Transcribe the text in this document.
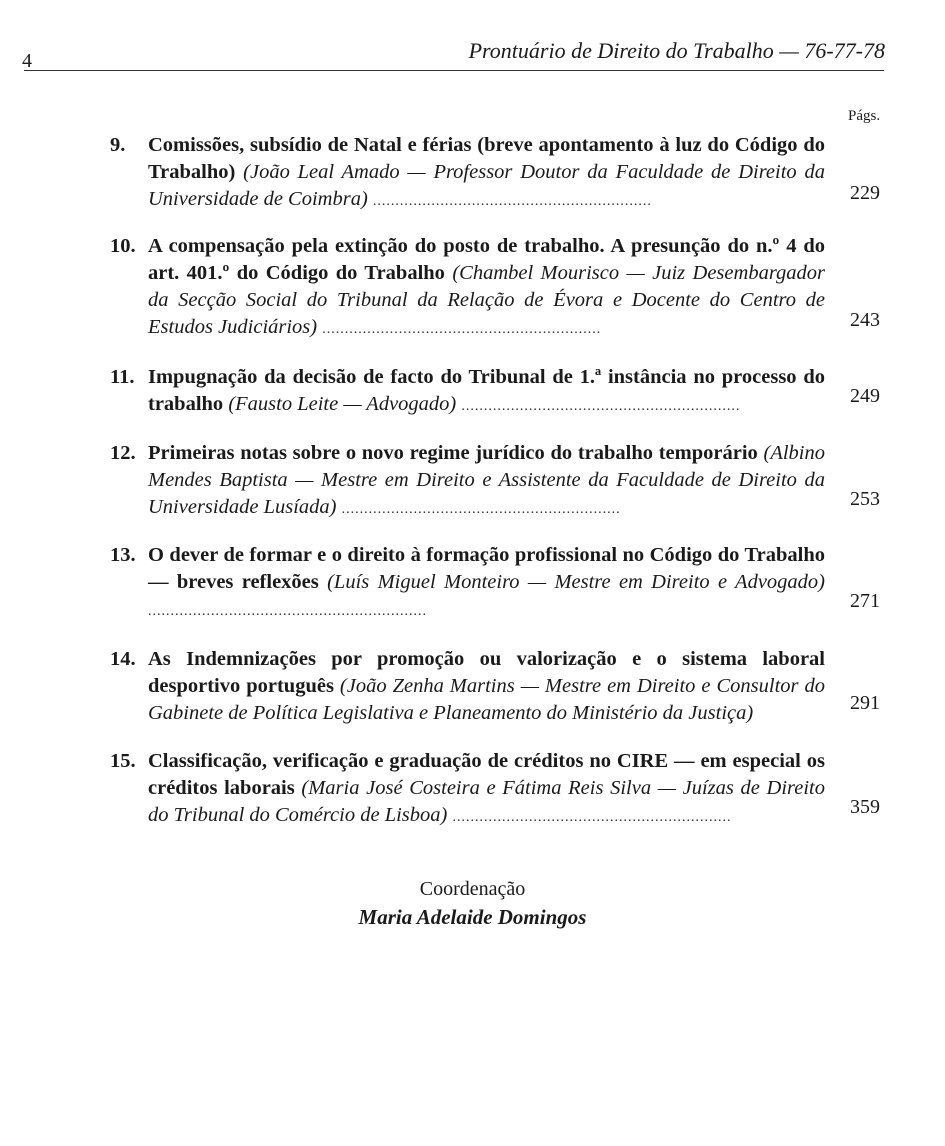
4	Prontuário de Direito do Trabalho — 76-77-78
Págs.
9. Comissões, subsídio de Natal e férias (breve apontamento à luz do Código do Trabalho) (João Leal Amado — Professor Doutor da Faculdade de Direito da Universidade de Coimbra) ..............................................................	229
10. A compensação pela extinção do posto de trabalho. A presunção do n.º 4 do art. 401.º do Código do Trabalho (Chambel Mourisco — Juiz Desembargador da Secção Social do Tribunal da Relação de Évora e Docente do Centro de Estudos Judiciários) ..............................................................	243
11. Impugnação da decisão de facto do Tribunal de 1.ª instância no processo do trabalho (Fausto Leite — Advogado) ..............................................................	249
12. Primeiras notas sobre o novo regime jurídico do trabalho temporário (Albino Mendes Baptista — Mestre em Direito e Assistente da Faculdade de Direito da Universidade Lusíada) ..............................................................	253
13. O dever de formar e o direito à formação profissional no Código do Trabalho — breves reflexões (Luís Miguel Monteiro — Mestre em Direito e Advogado) ..............................................................	271
14. As Indemnizações por promoção ou valorização e o sistema laboral desportivo português (João Zenha Martins — Mestre em Direito e Consultor do Gabinete de Política Legislativa e Planeamento do Ministério da Justiça)	291
15. Classificação, verificação e graduação de créditos no CIRE — em especial os créditos laborais (Maria José Costeira e Fátima Reis Silva — Juízas de Direito do Tribunal do Comércio de Lisboa) ..............................................................	359
Coordenação
Maria Adelaide Domingos
